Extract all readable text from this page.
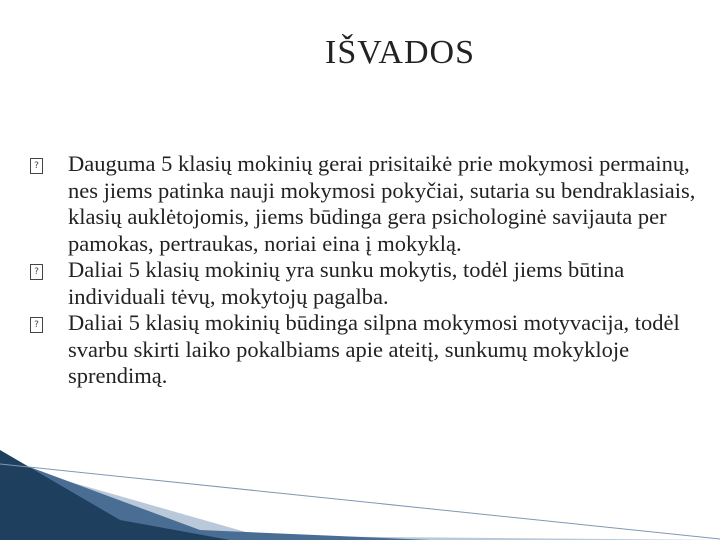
IŠVADOS
? Dauguma 5 klasių mokinių gerai prisitaikė prie mokymosi permainų, nes jiems patinka nauji mokymosi pokyčiai, sutaria su bendraklasiais, klasių auklėtojomis, jiems būdinga gera psichologinė savijauta per pamokas, pertraukas, noriai eina į mokyklą.
? Daliai 5 klasių mokinių yra sunku mokytis, todėl jiems būtina individuali tėvų, mokytojų pagalba.
? Daliai 5 klasių mokinių būdinga silpna mokymosi motyvacija, todėl svarbu skirti laiko pokalbiams apie ateitį, sunkumų mokykloje sprendimą.
